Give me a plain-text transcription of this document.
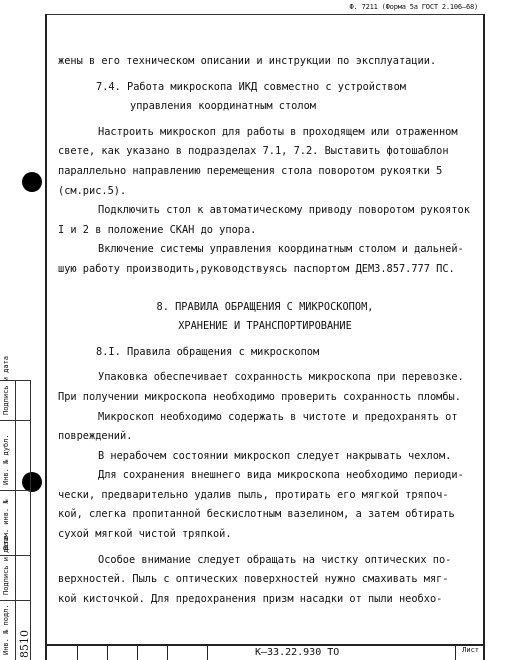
Ф. 7211 (Форма 5а ГОСТ 2.106—68)
Подпись и дата
Инв. № дубл.
Взам. инв. №
Подпись и дата
Инв. № подл. 8510
жены в его техническом описании и инструкции по эксплуатации.
7.4. Работа микроскопа ИКД совместно с устройством
управления координатным столом
Настроить микроскоп для работы в проходящем или отраженном
свете, как указано в подразделах 7.1, 7.2. Выставить фотошаблон
параллельно направлению перемещения стола поворотом рукоятки 5
(см.рис.5).
Подключить стол к автоматическому приводу поворотом рукояток
I и 2 в положение СКАН до упора.
Включение системы управления координатным столом и дальней-
шую работу производить,руководствуясь паспортом ДЕМЗ.857.777 ПС.
8. ПРАВИЛА ОБРАЩЕНИЯ С МИКРОСКОПОМ,
ХРАНЕНИЕ И ТРАНСПОРТИРОВАНИЕ
8.I. Правила обращения с микроскопом
Упаковка обеспечивает сохранность микроскопа при перевозке.
При получении микроскопа необходимо проверить сохранность пломбы.
Микроскоп необходимо содержать в чистоте и предохранять от
повреждений.
В нерабочем состоянии микроскоп следует накрывать чехлом.
Для сохранения внешнего вида микроскопа необходимо периоди-
чески, предварительно удалив пыль, протирать его мягкой тряпоч-
кой, слегка пропитанной бескислотным вазелином, а затем обтирать
сухой мягкой чистой тряпкой.
Особое внимание следует обращать на чистку оптических по-
верхностей. Пыль с оптических поверхностей нужно смахивать мяг-
кой кисточкой. Для предохранения призм насадки от пыли необхо-
К–33.22.930 ТО	Лист
